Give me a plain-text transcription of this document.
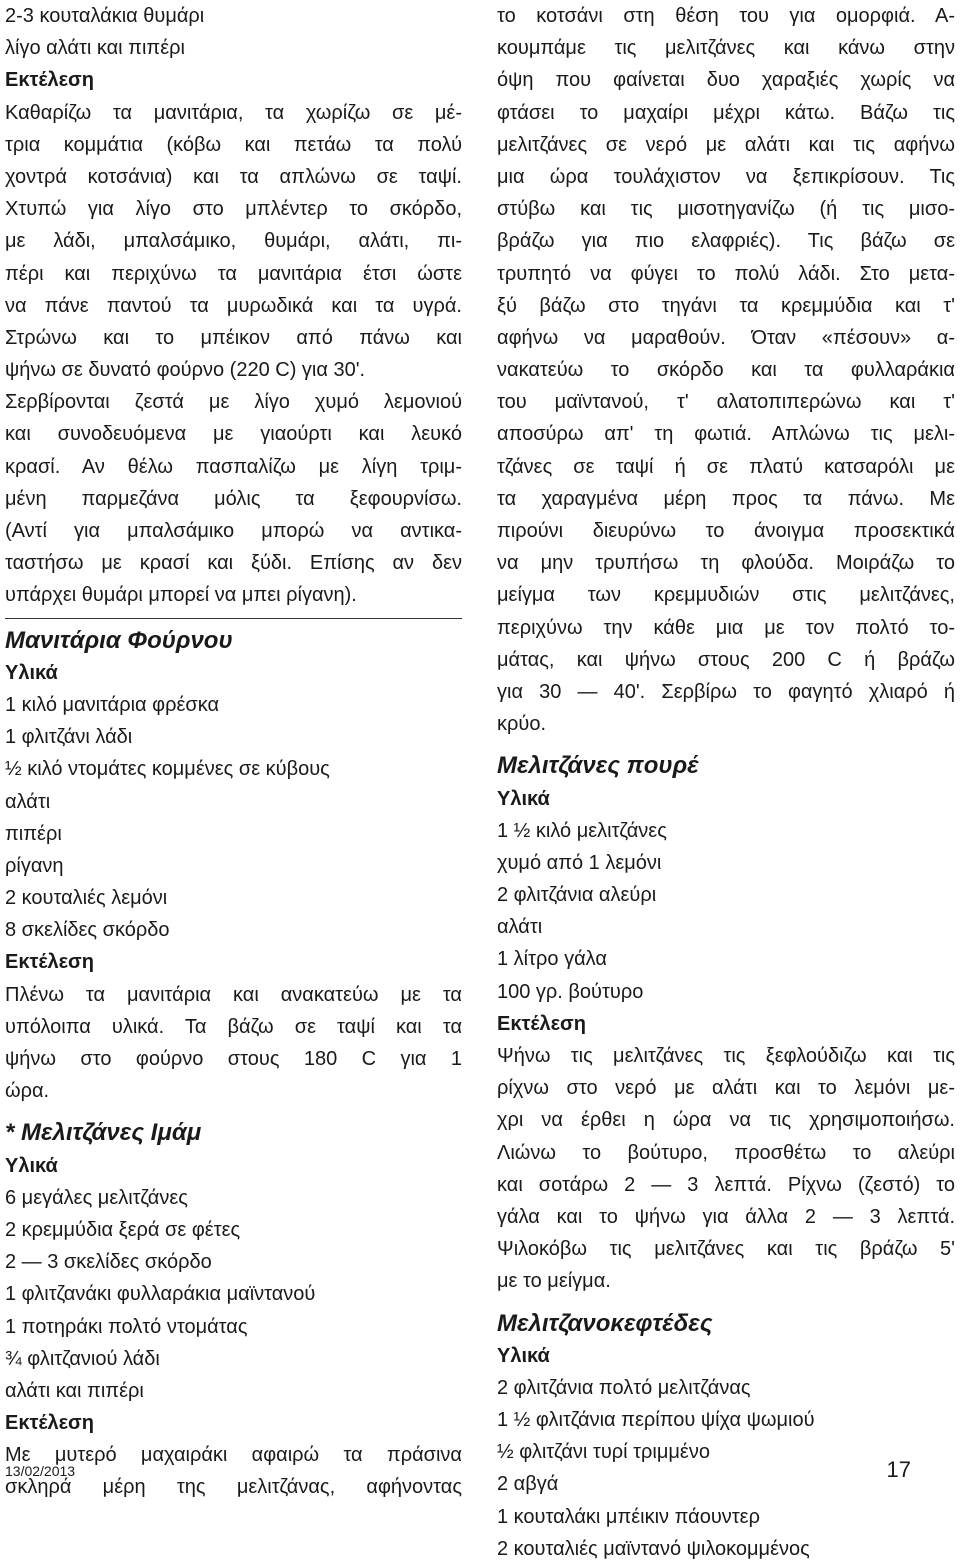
2-3 κουταλάκια θυμάρι
λίγο αλάτι και πιπέρι
Εκτέλεση
Καθαρίζω τα μανιτάρια, τα χωρίζω σε μέ-
τρια κομμάτια (κόβω και πετάω τα πολύ
χοντρά κοτσάνια) και τα απλώνω σε ταψί.
Χτυπώ για λίγο στο μπλέντερ το σκόρδο,
με λάδι, μπαλσάμικο, θυμάρι, αλάτι, πι-
πέρι και περιχύνω τα μανιτάρια έτσι ώστε
να πάνε παντού τα μυρωδικά και τα υγρά.
Στρώνω και το μπέικον από πάνω και
ψήνω σε δυνατό φούρνο (220 C) για 30'.
Σερβίρονται ζεστά με λίγο χυμό λεμονιού
και συνοδευόμενα με γιαούρτι και λευκό
κρασί. Αν θέλω πασπαλίζω με λίγη τριμ-
μένη παρμεζάνα μόλις τα ξεφουρνίσω.
(Αντί για μπαλσάμικο μπορώ να αντικα-
ταστήσω με κρασί και ξύδι. Επίσης αν δεν
υπάρχει θυμάρι μπορεί να μπει ρίγανη).
Μανιτάρια Φούρνου
Υλικά
1 κιλό μανιτάρια φρέσκα
1 φλιτζάνι λάδι
½ κιλό ντομάτες κομμένες σε κύβους
αλάτι
πιπέρι
ρίγανη
2 κουταλιές λεμόνι
8 σκελίδες σκόρδο
Εκτέλεση
Πλένω τα μανιτάρια και ανακατεύω με τα
υπόλοιπα υλικά. Τα βάζω σε ταψί και τα
ψήνω στο φούρνο στους 180 C για 1
ώρα.
* Μελιτζάνες Ιμάμ
Υλικά
6 μεγάλες μελιτζάνες
2 κρεμμύδια ξερά σε φέτες
2 — 3 σκελίδες σκόρδο
1 φλιτζανάκι φυλλαράκια μαϊντανού
1 ποτηράκι πολτό ντομάτας
¾ φλιτζανιού λάδι
αλάτι και πιπέρι
Εκτέλεση
Με μυτερό μαχαιράκι αφαιρώ τα πράσινα
σκληρά μέρη της μελιτζάνας, αφήνοντας
το κοτσάνι στη θέση του για ομορφιά. Α-
κουμπάμε τις μελιτζάνες και κάνω στην
όψη που φαίνεται δυο χαραξιές χωρίς να
φτάσει το μαχαίρι μέχρι κάτω. Βάζω τις
μελιτζάνες σε νερό με αλάτι και τις αφήνω
μια ώρα τουλάχιστον να ξεπικρίσουν. Τις
στύβω και τις μισοτηγανίζω (ή τις μισο-
βράζω για πιο ελαφριές). Τις βάζω σε
τρυπητό να φύγει το πολύ λάδι. Στο μετα-
ξύ βάζω στο τηγάνι τα κρεμμύδια και τ'
αφήνω να μαραθούν. Όταν «πέσουν» α-
νακατεύω το σκόρδο και τα φυλλαράκια
του μαϊντανού, τ' αλατοπιπερώνω και τ'
αποσύρω απ' τη φωτιά. Απλώνω τις μελι-
τζάνες σε ταψί ή σε πλατύ κατσαρόλι με
τα χαραγμένα μέρη προς τα πάνω. Με
πιρούνι διευρύνω το άνοιγμα προσεκτικά
να μην τρυπήσω τη φλούδα. Μοιράζω το
μείγμα των κρεμμυδιών στις μελιτζάνες,
περιχύνω την κάθε μια με τον πολτό το-
μάτας, και ψήνω στους 200 C ή βράζω
για 30 — 40'. Σερβίρω το φαγητό χλιαρό ή
κρύο.
Μελιτζάνες πουρέ
Υλικά
1 ½ κιλό μελιτζάνες
χυμό από 1 λεμόνι
2 φλιτζάνια αλεύρι
αλάτι
1 λίτρο γάλα
100 γρ. βούτυρο
Εκτέλεση
Ψήνω τις μελιτζάνες τις ξεφλούδιζω και τις
ρίχνω στο νερό με αλάτι και το λεμόνι με-
χρι να έρθει η ώρα να τις χρησιμοποιήσω.
Λιώνω το βούτυρο, προσθέτω το αλεύρι
και σοτάρω 2 — 3 λεπτά. Ρίχνω (ζεστό) το
γάλα και το ψήνω για άλλα 2 — 3 λεπτά.
Ψιλοκόβω τις μελιτζάνες και τις βράζω 5'
με το μείγμα.
Μελιτζανοκεφτέδες
Υλικά
2 φλιτζάνια πολτό μελιτζάνας
1 ½ φλιτζάνια περίπου ψίχα ψωμιού
½ φλιτζάνι τυρί τριμμένο
2 αβγά
1 κουταλάκι μπέικιν πάουντερ
2 κουταλιές μαϊντανό ψιλοκομμένος
13/02/2013	17
